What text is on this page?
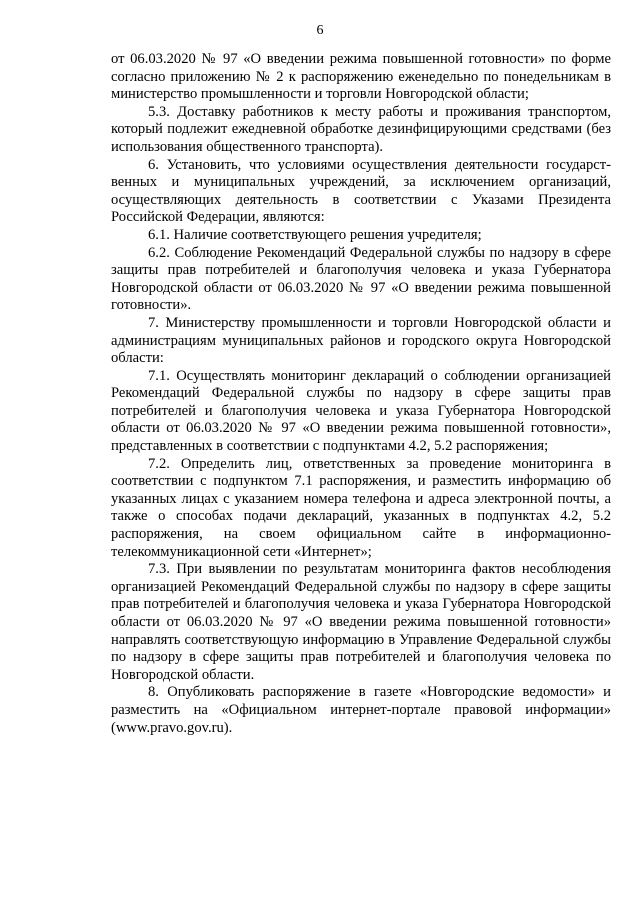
6

от 06.03.2020 № 97 «О введении режима повышенной готовности» по форме согласно приложению № 2 к распоряжению еженедельно по понедельникам в министерство промышленности и торговли Новгородской области;

5.3. Доставку работников к месту работы и проживания транспортом, который подлежит ежедневной обработке дезинфицирующими средствами (без использования общественного транспорта).

6. Установить, что условиями осуществления деятельности государственных и муниципальных учреждений, за исключением организаций, осуществляющих деятельность в соответствии с Указами Президента Российской Федерации, являются:

6.1. Наличие соответствующего решения учредителя;

6.2. Соблюдение Рекомендаций Федеральной службы по надзору в сфере защиты прав потребителей и благополучия человека и указа Губернатора Новгородской области от 06.03.2020 № 97 «О введении режима повышенной готовности».

7. Министерству промышленности и торговли Новгородской области и администрациям муниципальных районов и городского округа Новгородской области:

7.1. Осуществлять мониторинг деклараций о соблюдении организацией Рекомендаций Федеральной службы по надзору в сфере защиты прав потребителей и благополучия человека и указа Губернатора Новгородской области от 06.03.2020 № 97 «О введении режима повышенной готовности», представленных в соответствии с подпунктами 4.2, 5.2 распоряжения;

7.2. Определить лиц, ответственных за проведение мониторинга в соответствии с подпунктом 7.1 распоряжения, и разместить информацию об указанных лицах с указанием номера телефона и адреса электронной почты, а также о способах подачи деклараций, указанных в подпунктах 4.2, 5.2 распоряжения, на своем официальном сайте в информационно-телекоммуникационной сети «Интернет»;

7.3. При выявлении по результатам мониторинга фактов несоблюдения организацией Рекомендаций Федеральной службы по надзору в сфере защиты прав потребителей и благополучия человека и указа Губернатора Новгородской области от 06.03.2020 № 97 «О введении режима повышенной готовности» направлять соответствующую информацию в Управление Федеральной службы по надзору в сфере защиты прав потребителей и благополучия человека по Новгородской области.

8. Опубликовать распоряжение в газете «Новгородские ведомости» и разместить на «Официальном интернет-портале правовой информации» (www.pravo.gov.ru).
